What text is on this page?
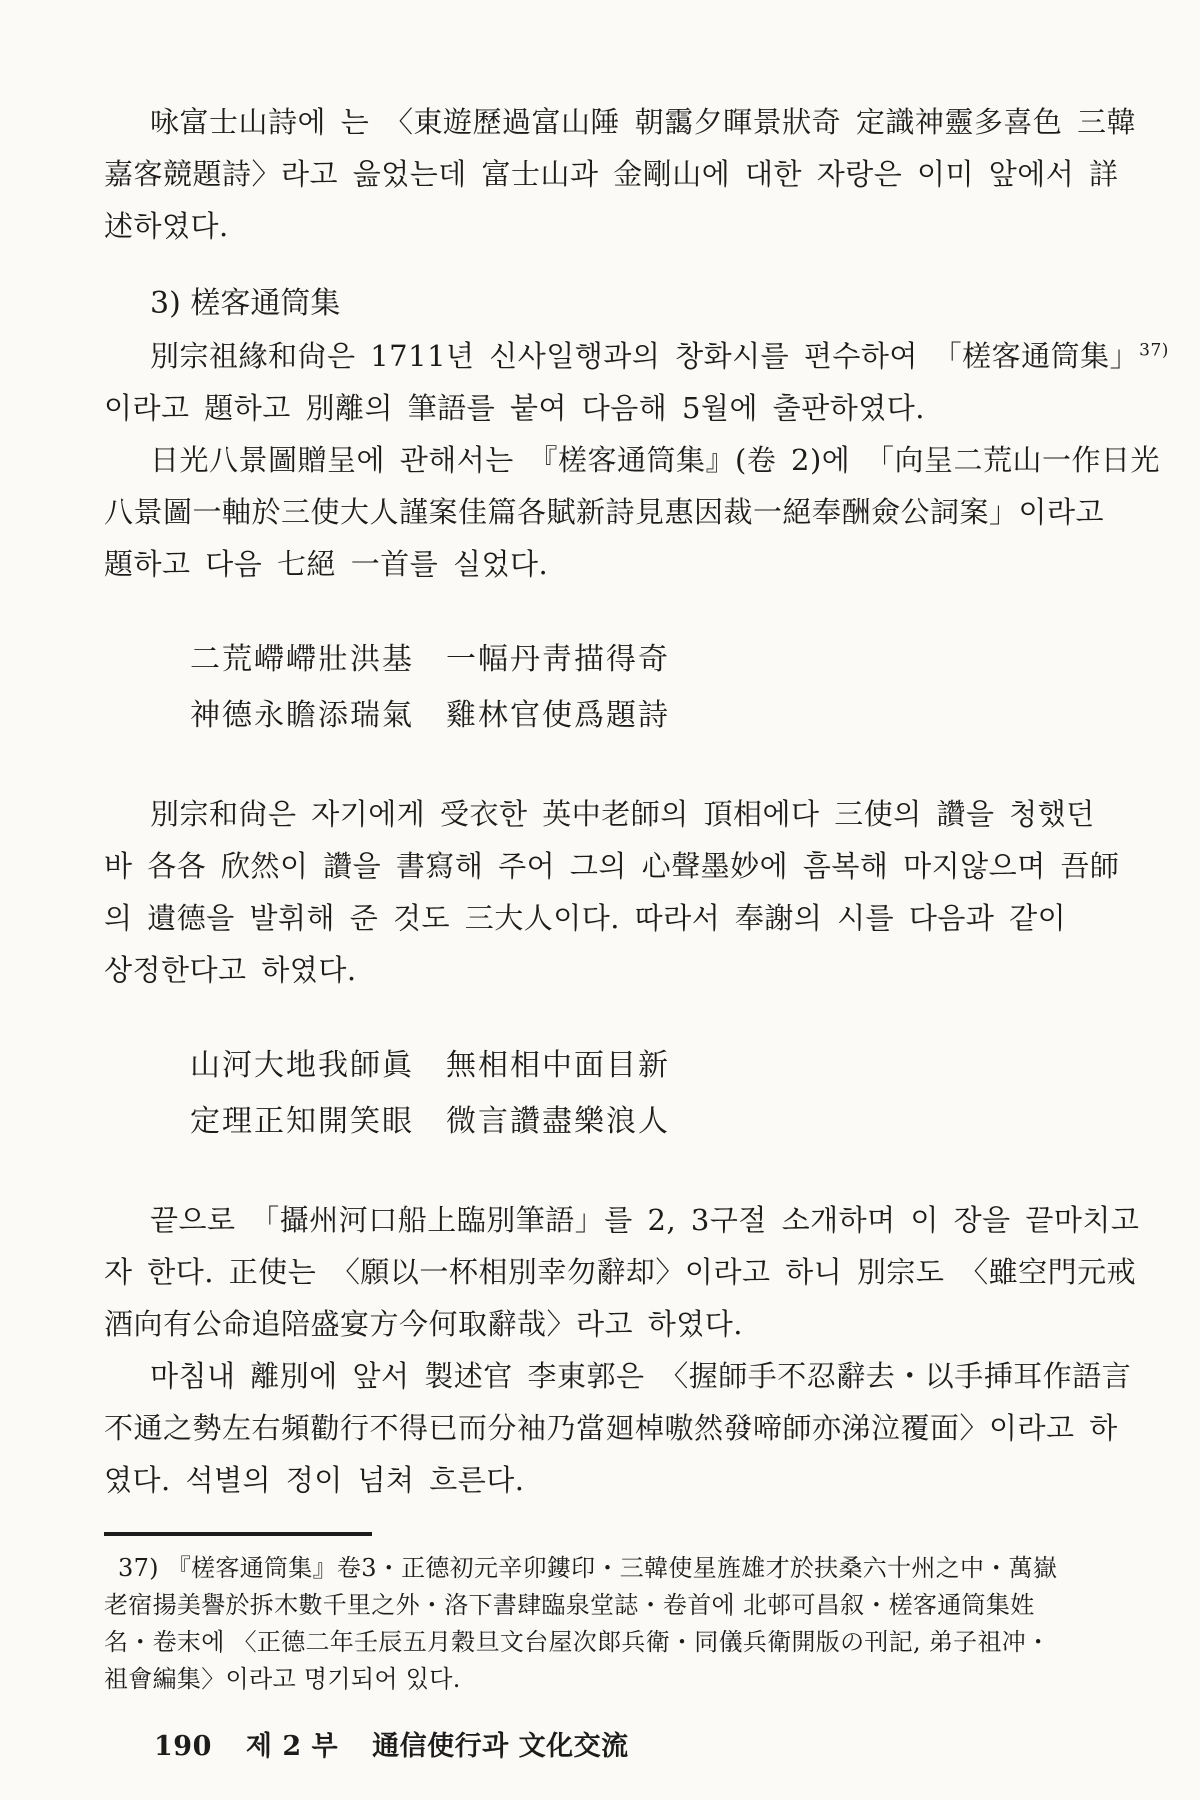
咏富士山詩에 는 〈東遊歷過富山陲 朝靄夕暉景狀奇 定識神靈多喜色 三韓
嘉客競題詩〉라고 읊었는데 富士山과 金剛山에 대한 자랑은 이미 앞에서 詳
述하였다.
3) 槎客通筒集
別宗祖緣和尙은 1711년 신사일행과의 창화시를 편수하여 「槎客通筒集」$^{37)}$
이라고 題하고 別離의 筆語를 붙여 다음해 5월에 출판하였다.
日光八景圖贈呈에 관해서는 『槎客通筒集』(卷 2)에 「向呈二荒山一作日光
八景圖一軸於三使大人謹案佳篇各賦新詩見惠因裁一絕奉酬僉公詞案」이라고
題하고 다음 七絕 一首를 실었다.
二荒嵽嵽壯洪基　一幅丹靑描得奇
神德永瞻添瑞氣　雞林官使爲題詩
別宗和尙은 자기에게 受衣한 英中老師의 頂相에다 三使의 讚을 청했던
바 各各 欣然이 讚을 書寫해 주어 그의 心聲墨妙에 흠복해 마지않으며 吾師
의 遺德을 발휘해 준 것도 三大人이다. 따라서 奉謝의 시를 다음과 같이
상정한다고 하였다.
山河大地我師眞　無相相中面目新
定理正知開笑眼　微言讚盡樂浪人
끝으로 「攝州河口船上臨別筆語」를 2, 3구절 소개하며 이 장을 끝마치고
자 한다. 正使는 〈願以一杯相別幸勿辭却〉이라고 하니 別宗도 〈雖空門元戒
酒向有公命追陪盛宴方今何取辭哉〉라고 하였다.
마침내 離別에 앞서 製述官 李東郭은 〈握師手不忍辭去・以手挿耳作語言
不通之勢左右頻勸行不得已而分袖乃當廻棹嗷然發啼師亦涕泣覆面〉이라고 하
였다. 석별의 정이 넘쳐 흐른다.
37) 『槎客通筒集』卷3・正德初元辛卯鏤印・三韓使星旌雄才於扶桑六十州之中・萬嶽
老宿揚美譽於拆木數千里之外・洛下書肆臨泉堂誌・卷首에 北邨可昌叙・槎客通筒集姓
名・卷末에 〈正德二年壬辰五月穀旦文台屋次郞兵衛・同儀兵衛開版の刊記, 弟子祖冲・
祖會編集〉이라고 명기되어 있다.
190 제 2 부 通信使行과 文化交流
